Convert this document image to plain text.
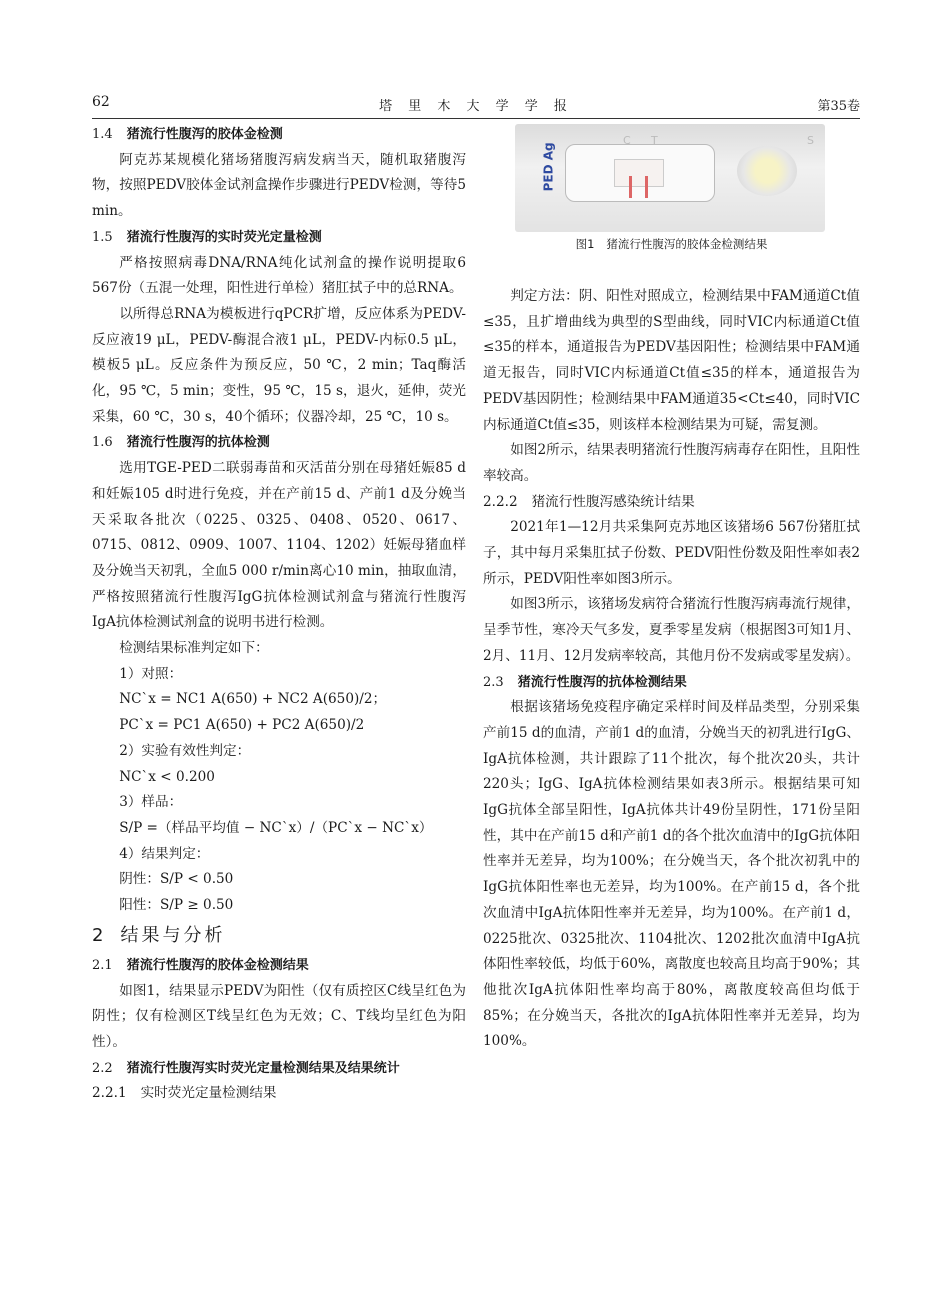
62	塔 里 木 大 学 学 报	第35卷

1.4 猪流行性腹泻的胶体金检测

阿克苏某规模化猪场猪腹泻病发病当天，随机取猪腹泻物，按照PEDV胶体金试剂盒操作步骤进行PEDV检测，等待5 min。

1.5 猪流行性腹泻的实时荧光定量检测

严格按照病毒DNA/RNA纯化试剂盒的操作说明提取6 567份（五混一处理，阳性进行单检）猪肛拭子中的总RNA。

以所得总RNA为模板进行qPCR扩增，反应体系为PEDV-反应液19 μL，PEDV-酶混合液1 μL，PEDV-内标0.5 μL，模板5 μL。反应条件为预反应，50 ℃，2 min；Taq酶活化，95 ℃，5 min；变性，95 ℃，15 s，退火，延伸，荧光采集，60 ℃，30 s，40个循环；仪器冷却，25 ℃，10 s。

1.6 猪流行性腹泻的抗体检测

选用TGE-PED二联弱毒苗和灭活苗分别在母猪妊娠85 d和妊娠105 d时进行免疫，并在产前15 d、产前1 d及分娩当天采取各批次（0225、0325、0408、0520、0617、0715、0812、0909、1007、1104、1202）妊娠母猪血样及分娩当天初乳，全血5 000 r/min离心10 min，抽取血清，严格按照猪流行性腹泻IgG抗体检测试剂盒与猪流行性腹泻IgA抗体检测试剂盒的说明书进行检测。

检测结果标准判定如下：

1）对照：

NC`x = NC1 A(650) + NC2 A(650)/2；

PC`x = PC1 A(650) + PC2 A(650)/2

2）实验有效性判定：

NC`x < 0.200

3）样品：

S/P =（样品平均值 − NC`x）/（PC`x − NC`x）

4）结果判定：

阴性：S/P < 0.50

阳性：S/P ≥ 0.50

2 结果与分析

2.1 猪流行性腹泻的胶体金检测结果

如图1，结果显示PEDV为阳性（仅有质控区C线呈红色为阴性；仅有检测区T线呈红色为无效；C、T线均呈红色为阳性）。

2.2 猪流行性腹泻实时荧光定量检测结果及结果统计

2.2.1 实时荧光定量检测结果

PED Ag
C T	S
图1 猪流行性腹泻的胶体金检测结果

判定方法：阴、阳性对照成立，检测结果中FAM通道Ct值≤35，且扩增曲线为典型的S型曲线，同时VIC内标通道Ct值≤35的样本，通道报告为PEDV基因阳性；检测结果中FAM通道无报告，同时VIC内标通道Ct值≤35的样本，通道报告为PEDV基因阴性；检测结果中FAM通道35<Ct≤40，同时VIC内标通道Ct值≤35，则该样本检测结果为可疑，需复测。

如图2所示，结果表明猪流行性腹泻病毒存在阳性，且阳性率较高。

2.2.2 猪流行性腹泻感染统计结果

2021年1—12月共采集阿克苏地区该猪场6 567份猪肛拭子，其中每月采集肛拭子份数、PEDV阳性份数及阳性率如表2所示，PEDV阳性率如图3所示。

如图3所示，该猪场发病符合猪流行性腹泻病毒流行规律，呈季节性，寒冷天气多发，夏季零星发病（根据图3可知1月、2月、11月、12月发病率较高，其他月份不发病或零星发病）。

2.3 猪流行性腹泻的抗体检测结果

根据该猪场免疫程序确定采样时间及样品类型，分别采集产前15 d的血清，产前1 d的血清，分娩当天的初乳进行IgG、IgA抗体检测，共计跟踪了11个批次，每个批次20头，共计220头；IgG、IgA抗体检测结果如表3所示。根据结果可知IgG抗体全部呈阳性，IgA抗体共计49份呈阴性，171份呈阳性，其中在产前15 d和产前1 d的各个批次血清中的IgG抗体阳性率并无差异，均为100%；在分娩当天，各个批次初乳中的IgG抗体阳性率也无差异，均为100%。在产前15 d，各个批次血清中IgA抗体阳性率并无差异，均为100%。在产前1 d，0225批次、0325批次、1104批次、1202批次血清中IgA抗体阳性率较低，均低于60%，离散度也较高且均高于90%；其他批次IgA抗体阳性率均高于80%，离散度较高但均低于85%；在分娩当天，各批次的IgA抗体阳性率并无差异，均为100%。
